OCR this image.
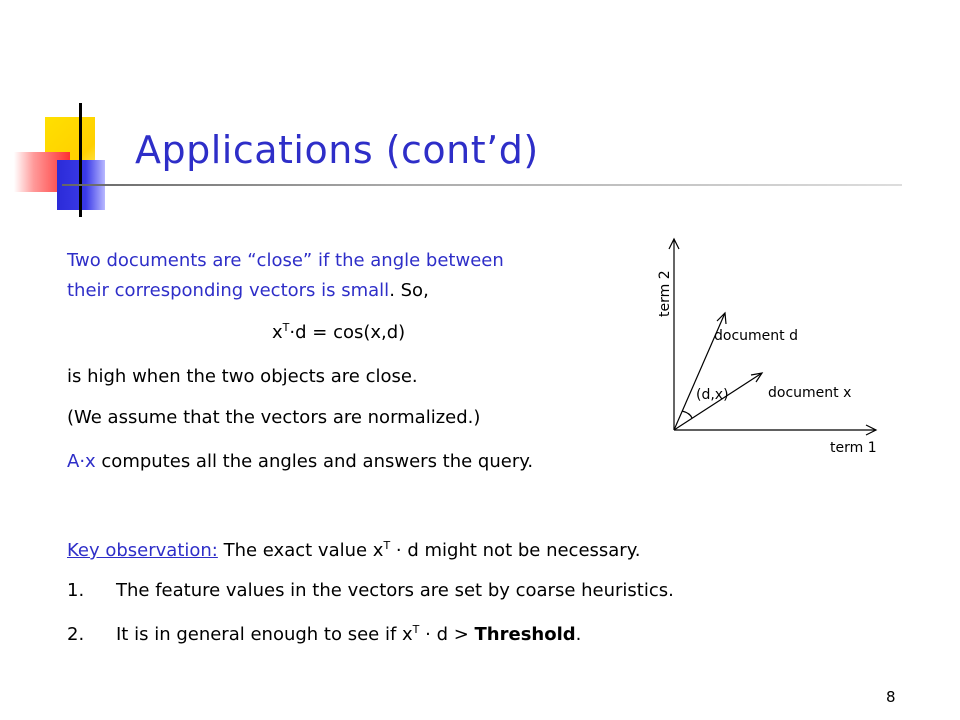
Applications (cont’d)
Two documents are “close” if the angle between
their corresponding vectors is small. So,
$x^T\cdot d = \cos(x,d)$
is high when the two objects are close.
(We assume that the vectors are normalized.)
A·x computes all the angles and answers the query.
Key observation: The exact value $x^T \cdot d$ might not be necessary.
1. The feature values in the vectors are set by coarse heuristics.
2. It is in general enough to see if $x^T \cdot d$ > Threshold.
term 2
term 1
document d
document x
(d,x)
8
